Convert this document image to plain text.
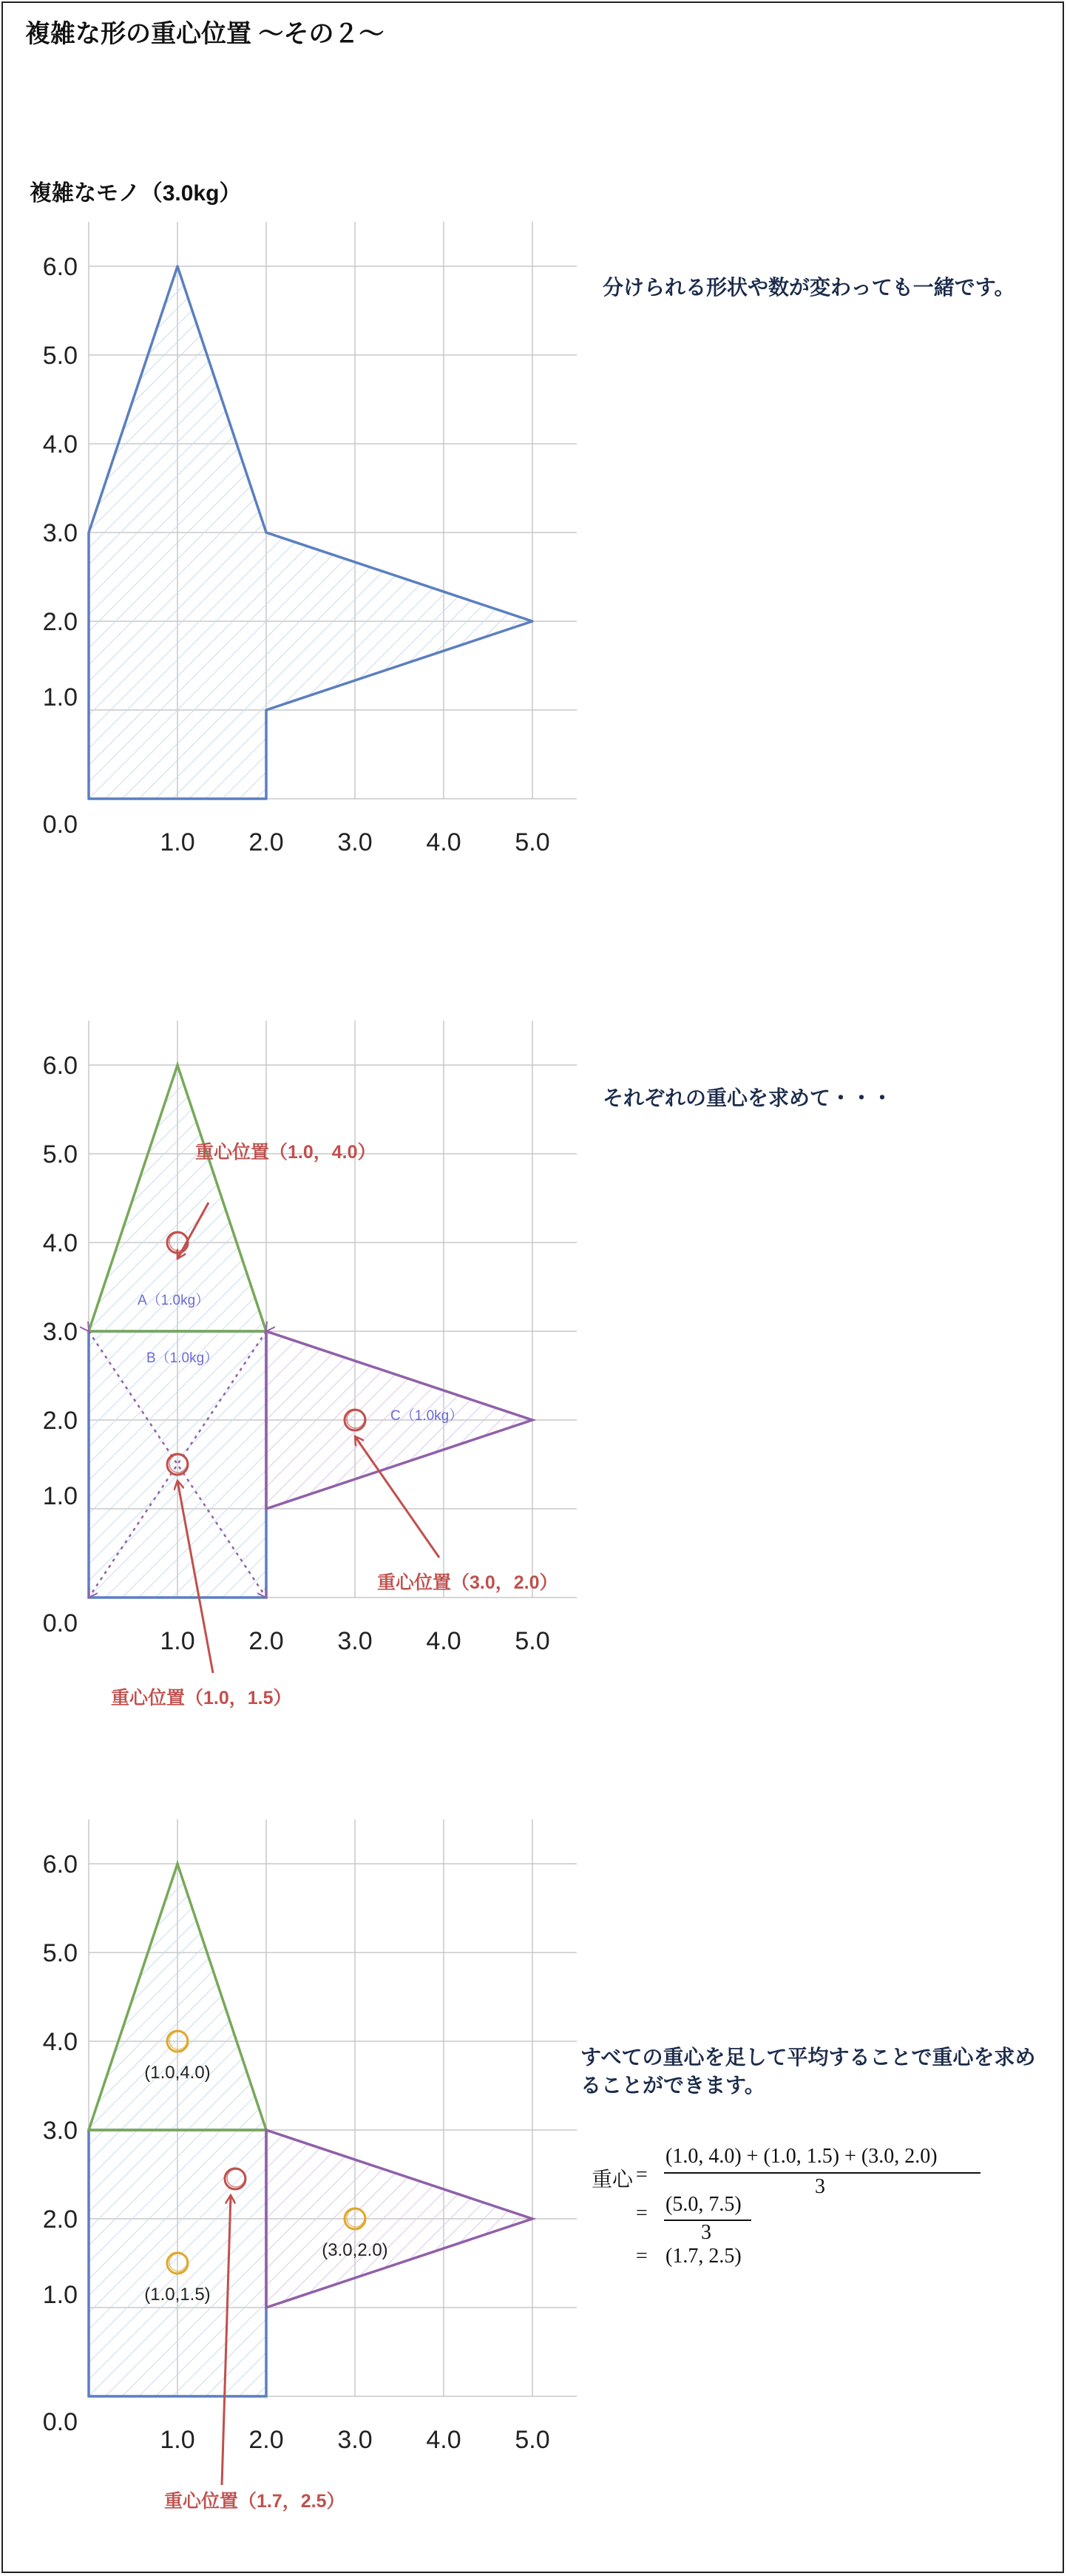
複雑な形の重心位置 〜その２〜
複雑なモノ（3.0kg）
分けられる形状や数が変わっても一緒です。
それぞれの重心を求めて・・・
すべての重心を足して平均することで重心を求めることができます。
1.0 2.0 3.0 4.0 5.0
0.0
1.0
2.0
3.0
4.0
5.0
6.0
1.0 2.0 3.0 4.0 5.0
0.0
1.0
2.0
3.0
4.0
5.0
6.0
A（1.0kg）
B（1.0kg）
C（1.0kg）
重心位置（1.0，4.0）
重心位置（1.0，1.5）
重心位置（3.0，2.0）
1.0 2.0 3.0 4.0 5.0
0.0
1.0
2.0
3.0
4.0
5.0
6.0
(1.0,4.0)
(1.0,1.5)
(3.0,2.0)
重心位置（1.7，2.5）
重心 =
(1.0, 4.0) + (1.0, 1.5) + (3.0, 2.0)
3
= (5.0, 7.5)
3
= (1.7, 2.5)
